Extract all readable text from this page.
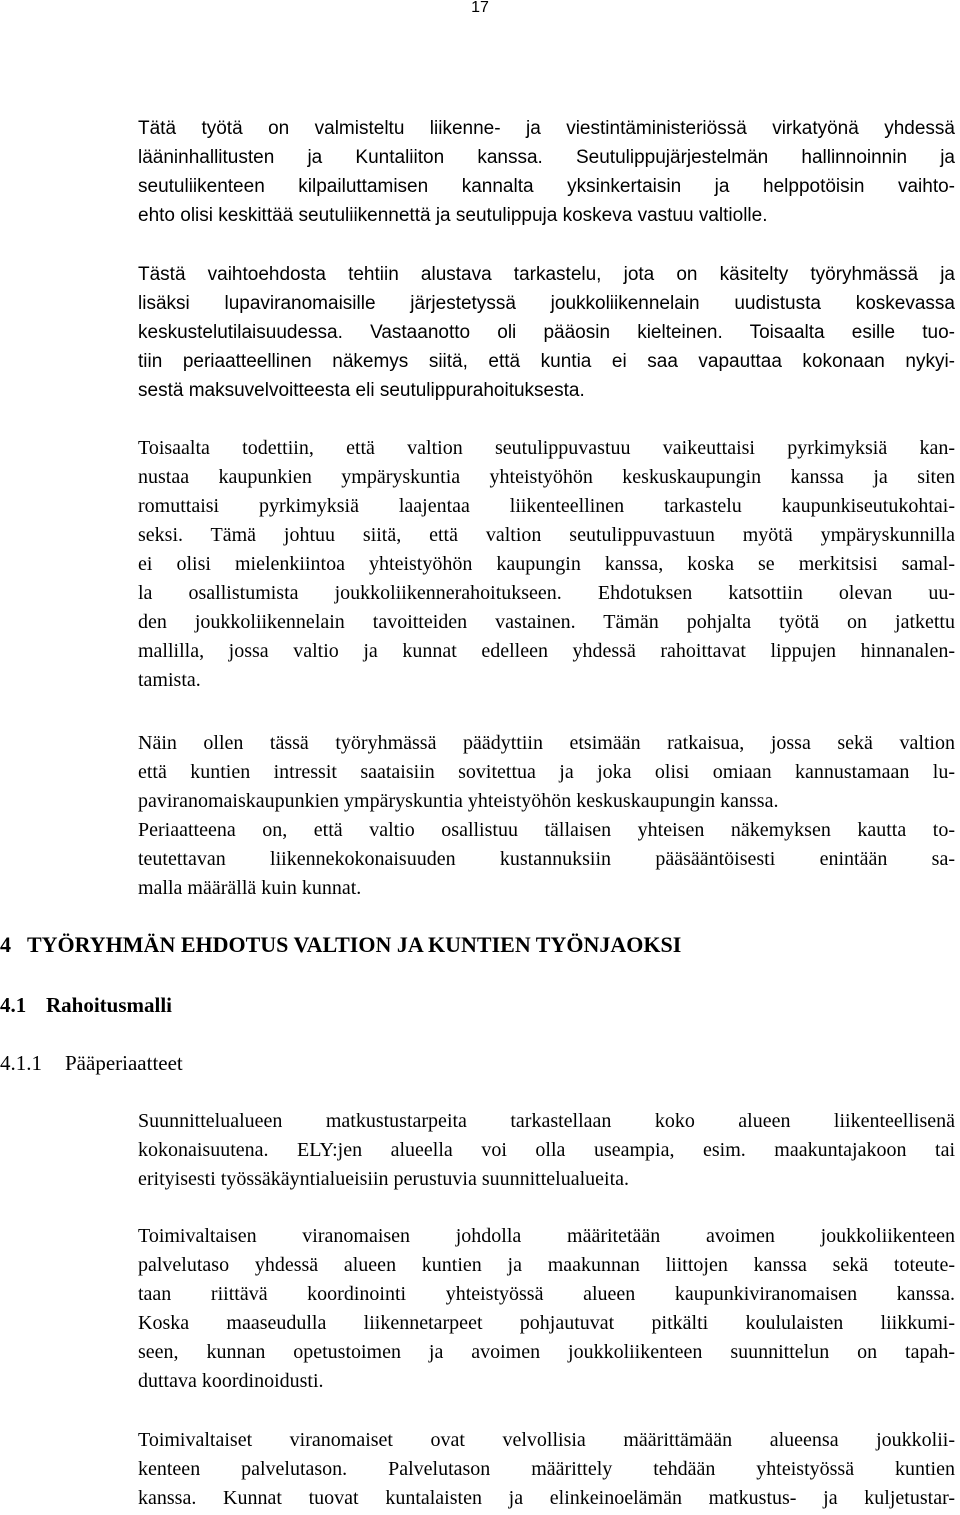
17

Tätä työtä on valmisteltu liikenne- ja viestintäministeriössä virkatyönä yhdessä
lääninhallitusten ja Kuntaliiton kanssa. Seutulippujärjestelmän hallinnoinnin ja
seutuliikenteen kilpailuttamisen kannalta yksinkertaisin ja helppotöisin vaihto-
ehto olisi keskittää seutuliikennettä ja seutulippuja koskeva vastuu valtiolle.

Tästä vaihtoehdosta tehtiin alustava tarkastelu, jota on käsitelty työryhmässä ja
lisäksi lupaviranomaisille järjestetyssä joukkoliikennelain uudistusta koskevassa
keskustelutilaisuudessa. Vastaanotto oli pääosin kielteinen. Toisaalta esille tuo-
tiin periaatteellinen näkemys siitä, että kuntia ei saa vapauttaa kokonaan nykyi-
sestä maksuvelvoitteesta eli seutulippurahoituksesta.

Toisaalta todettiin, että valtion seutulippuvastuu vaikeuttaisi pyrkimyksiä kan-
nustaa kaupunkien ympäryskuntia yhteistyöhön keskuskaupungin kanssa ja siten
romuttaisi pyrkimyksiä laajentaa liikenteellinen tarkastelu kaupunkiseutukohtai-
seksi. Tämä johtuu siitä, että valtion seutulippuvastuun myötä ympäryskunnilla
ei olisi mielenkiintoa yhteistyöhön kaupungin kanssa, koska se merkitsisi samal-
la osallistumista joukkoliikennerahoitukseen. Ehdotuksen katsottiin olevan uu-
den joukkoliikennelain tavoitteiden vastainen. Tämän pohjalta työtä on jatkettu
mallilla, jossa valtio ja kunnat edelleen yhdessä rahoittavat lippujen hinnanalen-
tamista.

Näin ollen tässä työryhmässä päädyttiin etsimään ratkaisua, jossa sekä valtion
että kuntien intressit saataisiin sovitettua ja joka olisi omiaan kannustamaan lu-
paviranomaiskaupunkien ympäryskuntia yhteistyöhön keskuskaupungin kanssa.
Periaatteena on, että valtio osallistuu tällaisen yhteisen näkemyksen kautta to-
teutettavan liikennekokonaisuuden kustannuksiin pääsääntöisesti enintään sa-
malla määrällä kuin kunnat.

4 TYÖRYHMÄN EHDOTUS VALTION JA KUNTIEN TYÖNJAOKSI
4.1 Rahoitusmalli
4.1.1 Pääperiaatteet

Suunnittelualueen matkustustarpeita tarkastellaan koko alueen liikenteellisenä
kokonaisuutena. ELY:jen alueella voi olla useampia, esim. maakuntajakoon tai
erityisesti työssäkäyntialueisiin perustuvia suunnittelualueita.

Toimivaltaisen viranomaisen johdolla määritetään avoimen joukkoliikenteen
palvelutaso yhdessä alueen kuntien ja maakunnan liittojen kanssa sekä toteute-
taan riittävä koordinointi yhteistyössä alueen kaupunkiviranomaisen kanssa.
Koska maaseudulla liikennetarpeet pohjautuvat pitkälti koululaisten liikkumi-
seen, kunnan opetustoimen ja avoimen joukkoliikenteen suunnittelun on tapah-
duttava koordinoidusti.

Toimivaltaiset viranomaiset ovat velvollisia määrittämään alueensa joukkolii-
kenteen palvelutason. Palvelutason määrittely tehdään yhteistyössä kuntien
kanssa. Kunnat tuovat kuntalaisten ja elinkeinoelämän matkustus- ja kuljetustar-
